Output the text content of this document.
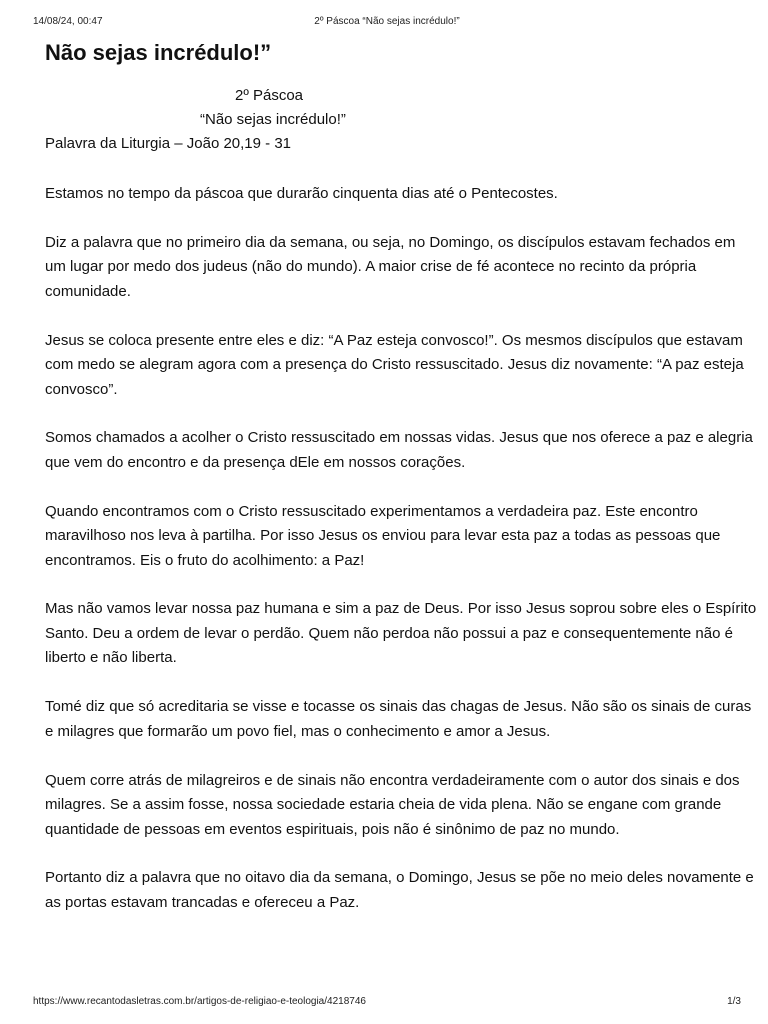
14/08/24, 00:47	2º Páscoa “Não sejas incrédulo!”
Não sejas incrédulo!”
2º Páscoa
“Não sejas incrédulo!”
Palavra da Liturgia – João 20,19 - 31

Estamos no tempo da páscoa que durarão cinquenta dias até o Pentecostes.

Diz a palavra que no primeiro dia da semana, ou seja, no Domingo, os discípulos estavam fechados em um lugar por medo dos judeus (não do mundo). A maior crise de fé acontece no recinto da própria comunidade.

Jesus se coloca presente entre eles e diz: “A Paz esteja convosco!”. Os mesmos discípulos que estavam com medo se alegram agora com a presença do Cristo ressuscitado. Jesus diz novamente: “A paz esteja convosco”.

Somos chamados a acolher o Cristo ressuscitado em nossas vidas. Jesus que nos oferece a paz e alegria que vem do encontro e da presença dEle em nossos corações.

Quando encontramos com o Cristo ressuscitado experimentamos a verdadeira paz. Este encontro maravilhoso nos leva à partilha. Por isso Jesus os enviou para levar esta paz a todas as pessoas que encontramos. Eis o fruto do acolhimento: a Paz!

Mas não vamos levar nossa paz humana e sim a paz de Deus. Por isso Jesus soprou sobre eles o Espírito Santo. Deu a ordem de levar o perdão. Quem não perdoa não possui a paz e consequentemente não é liberto e não liberta.

Tomé diz que só acreditaria se visse e tocasse os sinais das chagas de Jesus. Não são os sinais de curas e milagres que formarão um povo fiel, mas o conhecimento e amor a Jesus.

Quem corre atrás de milagreiros e de sinais não encontra verdadeiramente com o autor dos sinais e dos milagres. Se a assim fosse, nossa sociedade estaria cheia de vida plena. Não se engane com grande quantidade de pessoas em eventos espirituais, pois não é sinônimo de paz no mundo.

Portanto diz a palavra que no oitavo dia da semana, o Domingo, Jesus se põe no meio deles novamente e as portas estavam trancadas e ofereceu a Paz.

https://www.recantodasletras.com.br/artigos-de-religiao-e-teologia/4218746	1/3
